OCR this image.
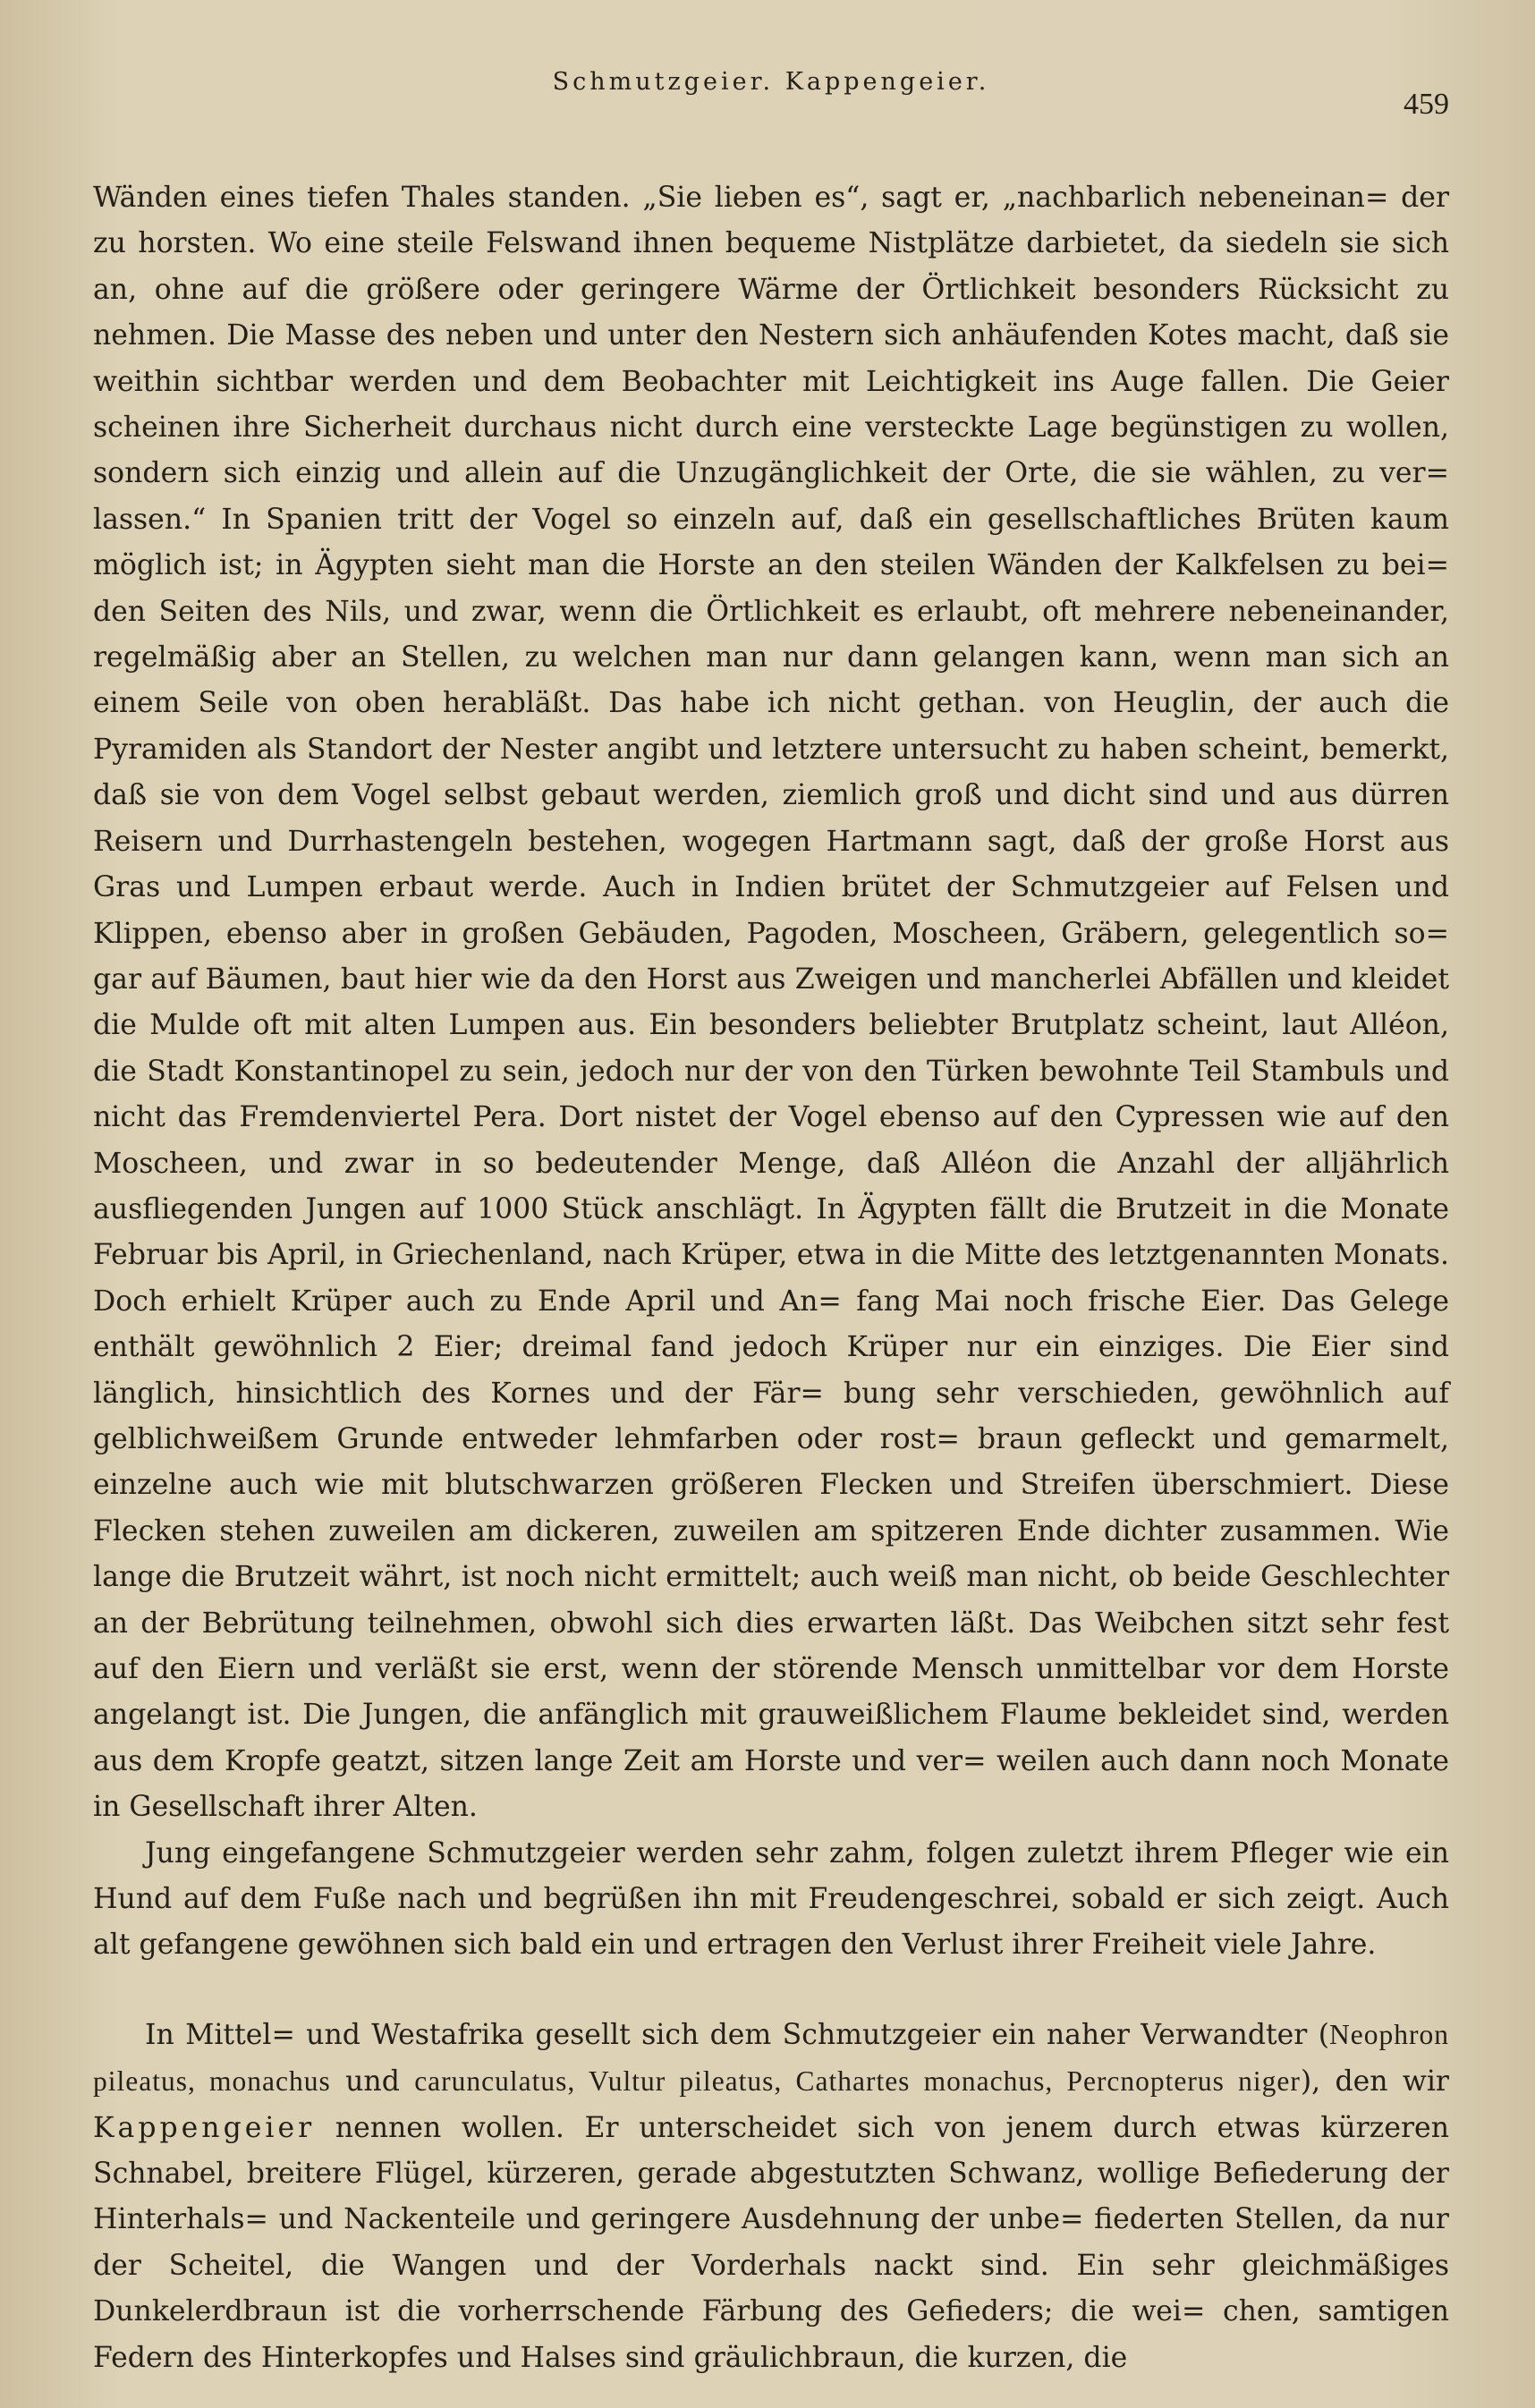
Schmutzgeier. Kappengeier.
459

Wänden eines tiefen Thales standen. „Sie lieben es“, sagt er, „nachbarlich nebeneinan= der zu horsten. Wo eine steile Felswand ihnen bequeme Nistplätze darbietet, da siedeln sie sich an, ohne auf die größere oder geringere Wärme der Örtlichkeit besonders Rücksicht zu nehmen. Die Masse des neben und unter den Nestern sich anhäufenden Kotes macht, daß sie weithin sichtbar werden und dem Beobachter mit Leichtigkeit ins Auge fallen. Die Geier scheinen ihre Sicherheit durchaus nicht durch eine versteckte Lage begünstigen zu wollen, sondern sich einzig und allein auf die Unzugänglichkeit der Orte, die sie wählen, zu ver= lassen.“ In Spanien tritt der Vogel so einzeln auf, daß ein gesellschaftliches Brüten kaum möglich ist; in Ägypten sieht man die Horste an den steilen Wänden der Kalkfelsen zu bei= den Seiten des Nils, und zwar, wenn die Örtlichkeit es erlaubt, oft mehrere nebeneinander, regelmäßig aber an Stellen, zu welchen man nur dann gelangen kann, wenn man sich an einem Seile von oben herabläßt. Das habe ich nicht gethan. von Heuglin, der auch die Pyramiden als Standort der Nester angibt und letztere untersucht zu haben scheint, bemerkt, daß sie von dem Vogel selbst gebaut werden, ziemlich groß und dicht sind und aus dürren Reisern und Durrhastengeln bestehen, wogegen Hartmann sagt, daß der große Horst aus Gras und Lumpen erbaut werde. Auch in Indien brütet der Schmutzgeier auf Felsen und Klippen, ebenso aber in großen Gebäuden, Pagoden, Moscheen, Gräbern, gelegentlich so= gar auf Bäumen, baut hier wie da den Horst aus Zweigen und mancherlei Abfällen und kleidet die Mulde oft mit alten Lumpen aus. Ein besonders beliebter Brutplatz scheint, laut Alléon, die Stadt Konstantinopel zu sein, jedoch nur der von den Türken bewohnte Teil Stambuls und nicht das Fremdenviertel Pera. Dort nistet der Vogel ebenso auf den Cypressen wie auf den Moscheen, und zwar in so bedeutender Menge, daß Alléon die Anzahl der alljährlich ausfliegenden Jungen auf 1000 Stück anschlägt. In Ägypten fällt die Brutzeit in die Monate Februar bis April, in Griechenland, nach Krüper, etwa in die Mitte des letztgenannten Monats. Doch erhielt Krüper auch zu Ende April und An= fang Mai noch frische Eier. Das Gelege enthält gewöhnlich 2 Eier; dreimal fand jedoch Krüper nur ein einziges. Die Eier sind länglich, hinsichtlich des Kornes und der Fär= bung sehr verschieden, gewöhnlich auf gelblichweißem Grunde entweder lehmfarben oder rost= braun gefleckt und gemarmelt, einzelne auch wie mit blutschwarzen größeren Flecken und Streifen überschmiert. Diese Flecken stehen zuweilen am dickeren, zuweilen am spitzeren Ende dichter zusammen. Wie lange die Brutzeit währt, ist noch nicht ermittelt; auch weiß man nicht, ob beide Geschlechter an der Bebrütung teilnehmen, obwohl sich dies erwarten läßt. Das Weibchen sitzt sehr fest auf den Eiern und verläßt sie erst, wenn der störende Mensch unmittelbar vor dem Horste angelangt ist. Die Jungen, die anfänglich mit grauweißlichem Flaume bekleidet sind, werden aus dem Kropfe geatzt, sitzen lange Zeit am Horste und ver= weilen auch dann noch Monate in Gesellschaft ihrer Alten.

Jung eingefangene Schmutzgeier werden sehr zahm, folgen zuletzt ihrem Pfleger wie ein Hund auf dem Fuße nach und begrüßen ihn mit Freudengeschrei, sobald er sich zeigt. Auch alt gefangene gewöhnen sich bald ein und ertragen den Verlust ihrer Freiheit viele Jahre.

In Mittel= und Westafrika gesellt sich dem Schmutzgeier ein naher Verwandter (Neophron pileatus, monachus und carunculatus, Vultur pileatus, Cathartes monachus, Percnopterus niger), den wir Kappengeier nennen wollen. Er unterscheidet sich von jenem durch etwas kürzeren Schnabel, breitere Flügel, kürzeren, gerade abgestutzten Schwanz, wollige Befiederung der Hinterhals= und Nackenteile und geringere Ausdehnung der unbe= fiederten Stellen, da nur der Scheitel, die Wangen und der Vorderhals nackt sind. Ein sehr gleichmäßiges Dunkelerdbraun ist die vorherrschende Färbung des Gefieders; die wei= chen, samtigen Federn des Hinterkopfes und Halses sind gräulichbraun, die kurzen, die
